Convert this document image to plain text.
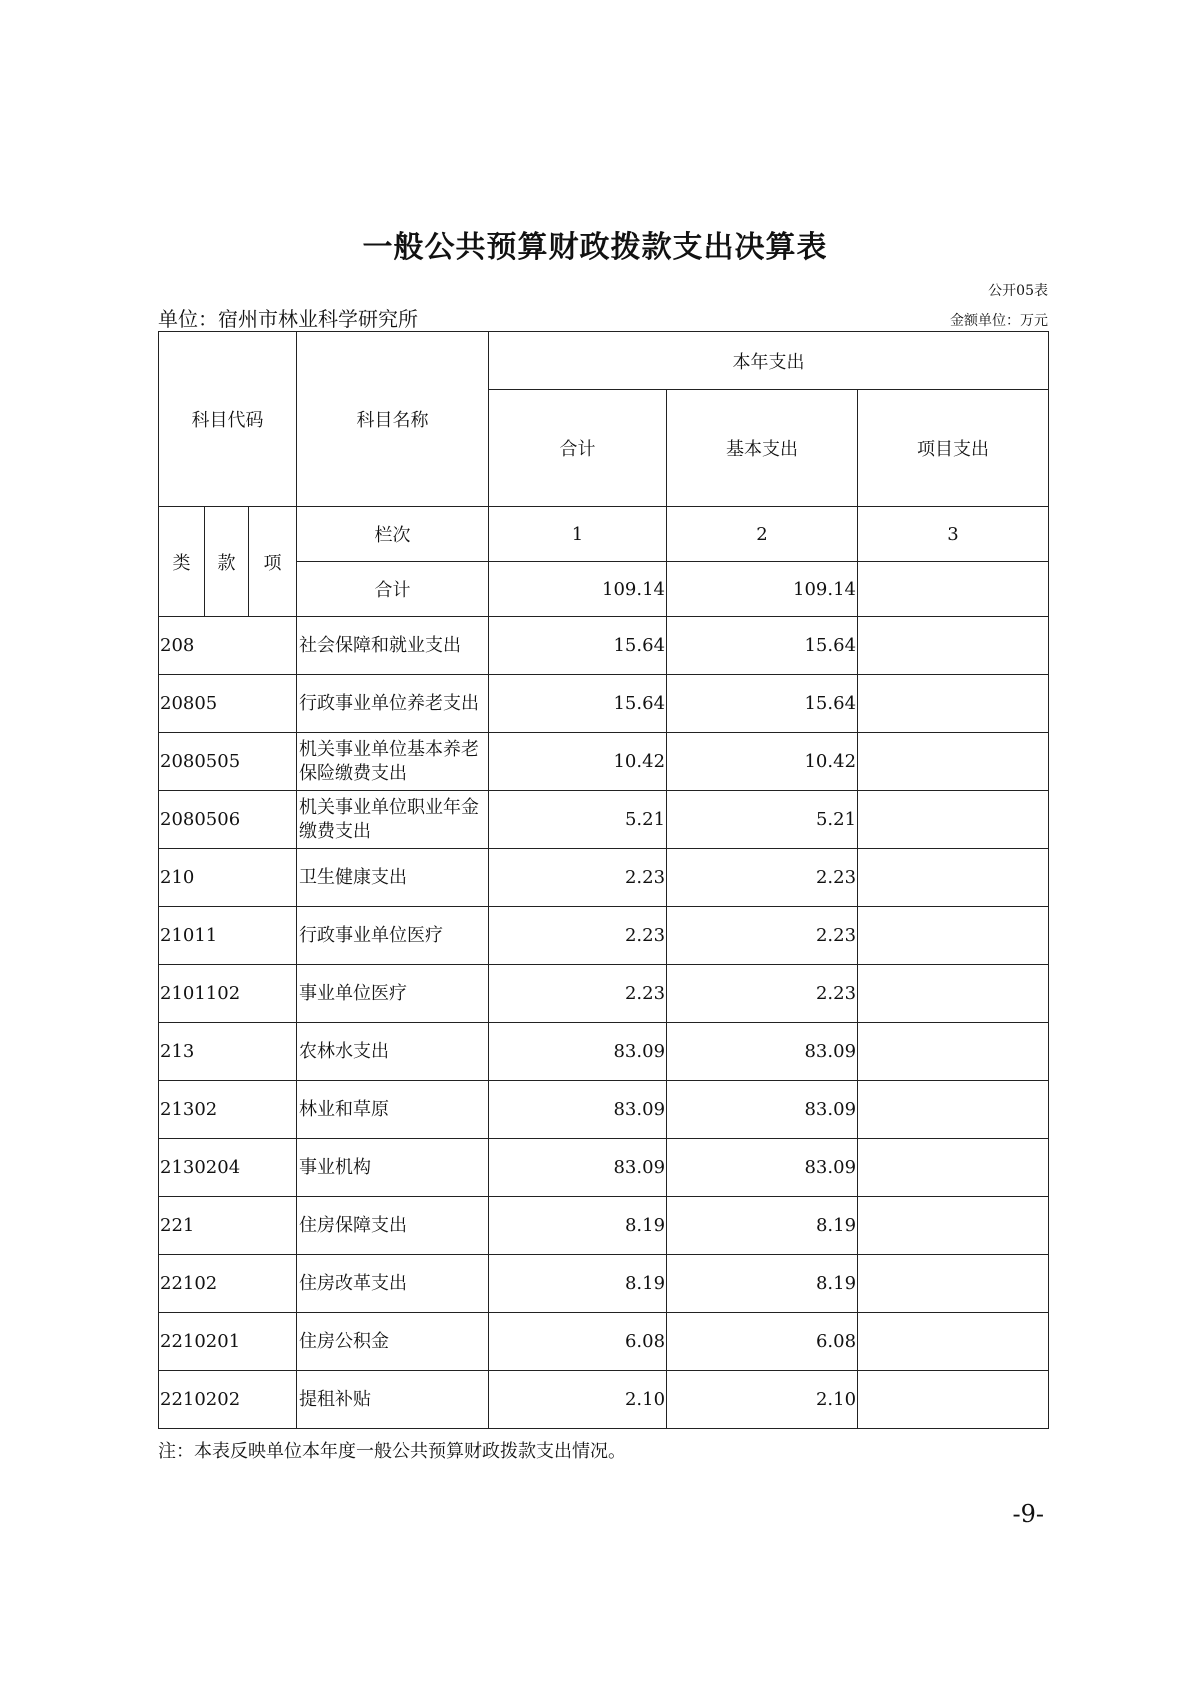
一般公共预算财政拨款支出决算表
公开05表
单位：宿州市林业科学研究所	金额单位：万元
科目代码			科目名称	本年支出		
				合计	基本支出	项目支出
类	款	项	栏次	1	2	3
			合计	109.14	109.14	
208			社会保障和就业支出	15.64	15.64	
20805			行政事业单位养老支出	15.64	15.64	
2080505			机关事业单位基本养老保险缴费支出	10.42	10.42	
2080506			机关事业单位职业年金缴费支出	5.21	5.21	
210			卫生健康支出	2.23	2.23	
21011			行政事业单位医疗	2.23	2.23	
2101102			事业单位医疗	2.23	2.23	
213			农林水支出	83.09	83.09	
21302			林业和草原	83.09	83.09	
2130204			事业机构	83.09	83.09	
221			住房保障支出	8.19	8.19	
22102			住房改革支出	8.19	8.19	
2210201			住房公积金	6.08	6.08	
2210202			提租补贴	2.10	2.10	
注：本表反映单位本年度一般公共预算财政拨款支出情况。
-9-
